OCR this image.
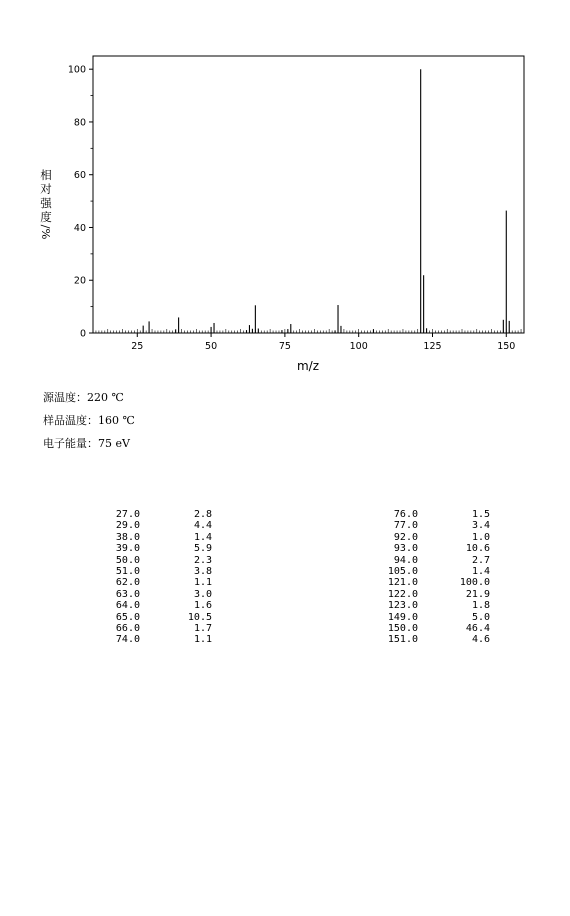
0
20
40
60
80
100
25	50	75	100	125	150
m/z
相
对
强
度
/%
源温度：220 ℃
样品温度：160 ℃
电子能量：75 eV
27.0		2.8
29.0		4.4
38.0		1.4
39.0		5.9
50.0		2.3
51.0		3.8
62.0		1.1
63.0		3.0
64.0		1.6
65.0		10.5
66.0		1.7
74.0		1.1
76.0		1.5
77.0		3.4
92.0		1.0
93.0		10.6
94.0		2.7
105.0		1.4
121.0		100.0
122.0		21.9
123.0		1.8
149.0		5.0
150.0		46.4
151.0		4.6
